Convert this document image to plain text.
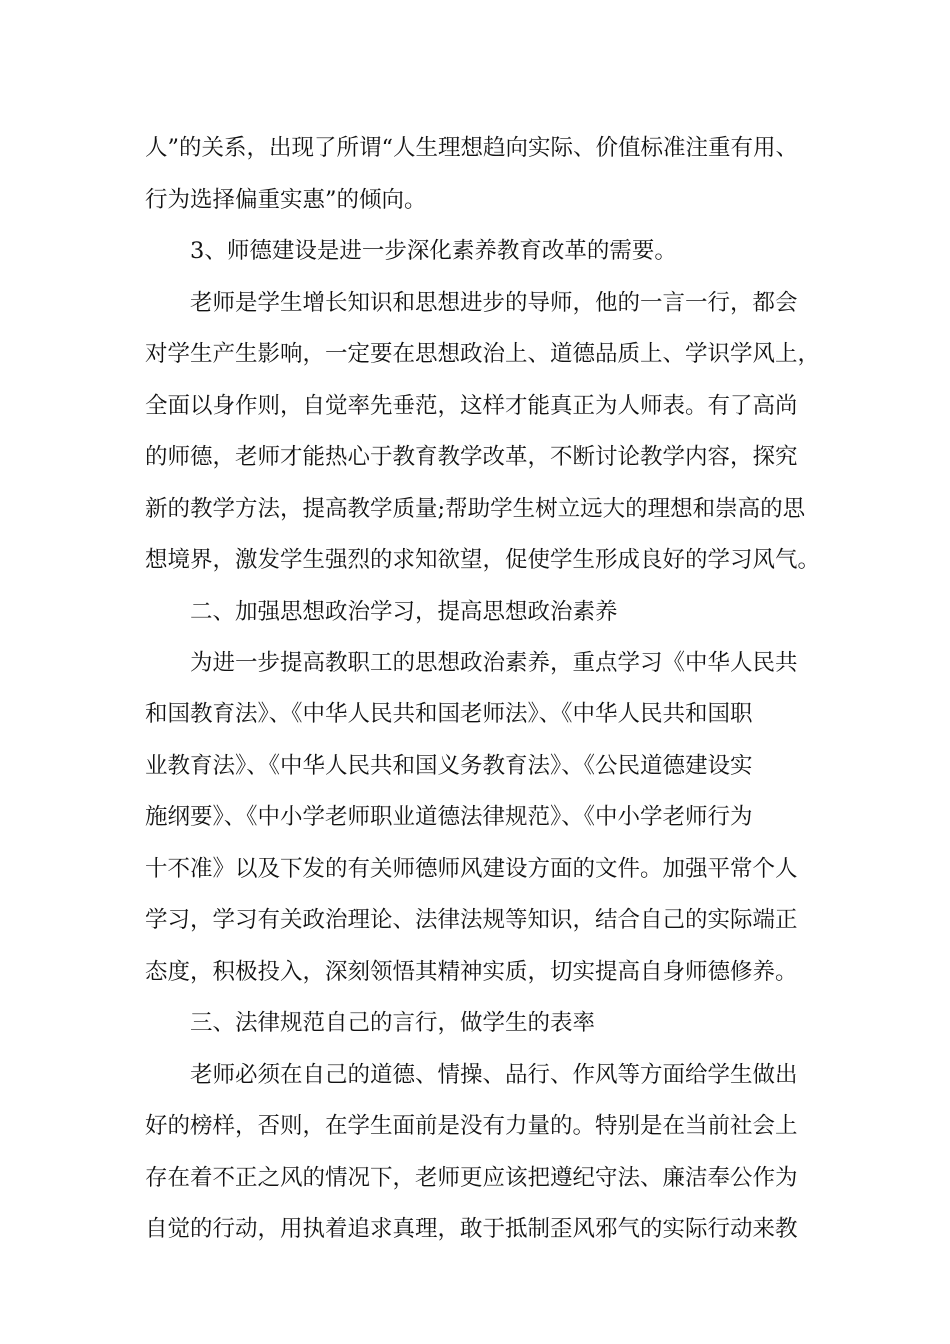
人”的关系，出现了所谓“人生理想趋向实际、价值标准注重有用、
行为选择偏重实惠”的倾向。
3、师德建设是进一步深化素养教育改革的需要。
老师是学生增长知识和思想进步的导师，他的一言一行，都会
对学生产生影响，一定要在思想政治上、道德品质上、学识学风上，
全面以身作则，自觉率先垂范，这样才能真正为人师表。有了高尚
的师德，老师才能热心于教育教学改革，不断讨论教学内容，探究
新的教学方法，提高教学质量;帮助学生树立远大的理想和崇高的思
想境界，激发学生强烈的求知欲望，促使学生形成良好的学习风气。
二、加强思想政治学习，提高思想政治素养
为进一步提高教职工的思想政治素养，重点学习《中华人民共
和国教育法》、《中华人民共和国老师法》、《中华人民共和国职
业教育法》、《中华人民共和国义务教育法》、《公民道德建设实
施纲要》、《中小学老师职业道德法律规范》、《中小学老师行为
十不准》以及下发的有关师德师风建设方面的文件。加强平常个人
学习，学习有关政治理论、法律法规等知识，结合自己的实际端正
态度，积极投入，深刻领悟其精神实质，切实提高自身师德修养。
三、法律规范自己的言行，做学生的表率
老师必须在自己的道德、情操、品行、作风等方面给学生做出
好的榜样，否则，在学生面前是没有力量的。特别是在当前社会上
存在着不正之风的情况下，老师更应该把遵纪守法、廉洁奉公作为
自觉的行动，用执着追求真理，敢于抵制歪风邪气的实际行动来教
